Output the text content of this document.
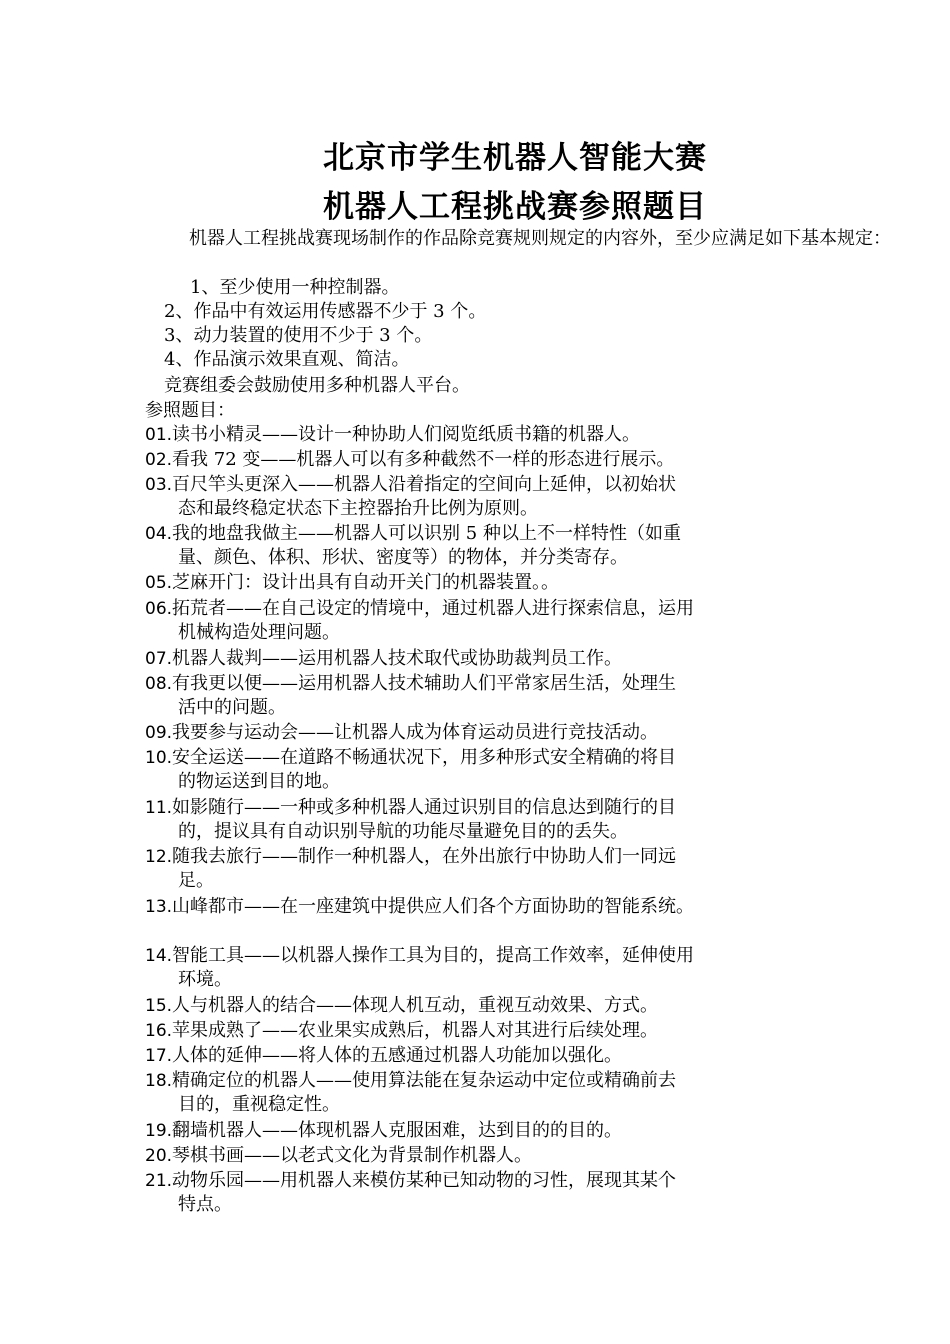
北京市学生机器人智能大赛
机器人工程挑战赛参照题目

机器人工程挑战赛现场制作的作品除竞赛规则规定的内容外，至少应满足如下基本规定：

1、至少使用一种控制器。

2、作品中有效运用传感器不少于 3 个。

3、动力装置的使用不少于 3 个。

4、作品演示效果直观、简洁。

竞赛组委会鼓励使用多种机器人平台。

参照题目：

01.读书小精灵——设计一种协助人们阅览纸质书籍的机器人。
02.看我 72 变——机器人可以有多种截然不一样的形态进行展示。
03.百尺竿头更深入——机器人沿着指定的空间向上延伸，以初始状
态和最终稳定状态下主控器抬升比例为原则。
04.我的地盘我做主——机器人可以识别 5 种以上不一样特性（如重
量、颜色、体积、形状、密度等）的物体，并分类寄存。
05.芝麻开门：设计出具有自动开关门的机器装置。。
06.拓荒者——在自己设定的情境中，通过机器人进行探索信息，运用
机械构造处理问题。
07.机器人裁判——运用机器人技术取代或协助裁判员工作。
08.有我更以便——运用机器人技术辅助人们平常家居生活，处理生
活中的问题。
09.我要参与运动会——让机器人成为体育运动员进行竞技活动。
10.安全运送——在道路不畅通状况下，用多种形式安全精确的将目
的物运送到目的地。
11.如影随行——一种或多种机器人通过识别目的信息达到随行的目
的，提议具有自动识别导航的功能尽量避免目的的丢失。
12.随我去旅行——制作一种机器人，在外出旅行中协助人们一同远
足。
13.山峰都市——在一座建筑中提供应人们各个方面协助的智能系统。
14.智能工具——以机器人操作工具为目的，提高工作效率，延伸使用
环境。
15.人与机器人的结合——体现人机互动，重视互动效果、方式。
16.苹果成熟了——农业果实成熟后，机器人对其进行后续处理。
17.人体的延伸——将人体的五感通过机器人功能加以强化。
18.精确定位的机器人——使用算法能在复杂运动中定位或精确前去
目的，重视稳定性。
19.翻墙机器人——体现机器人克服困难，达到目的的目的。
20.琴棋书画——以老式文化为背景制作机器人。
21.动物乐园——用机器人来模仿某种已知动物的习性，展现其某个
特点。
